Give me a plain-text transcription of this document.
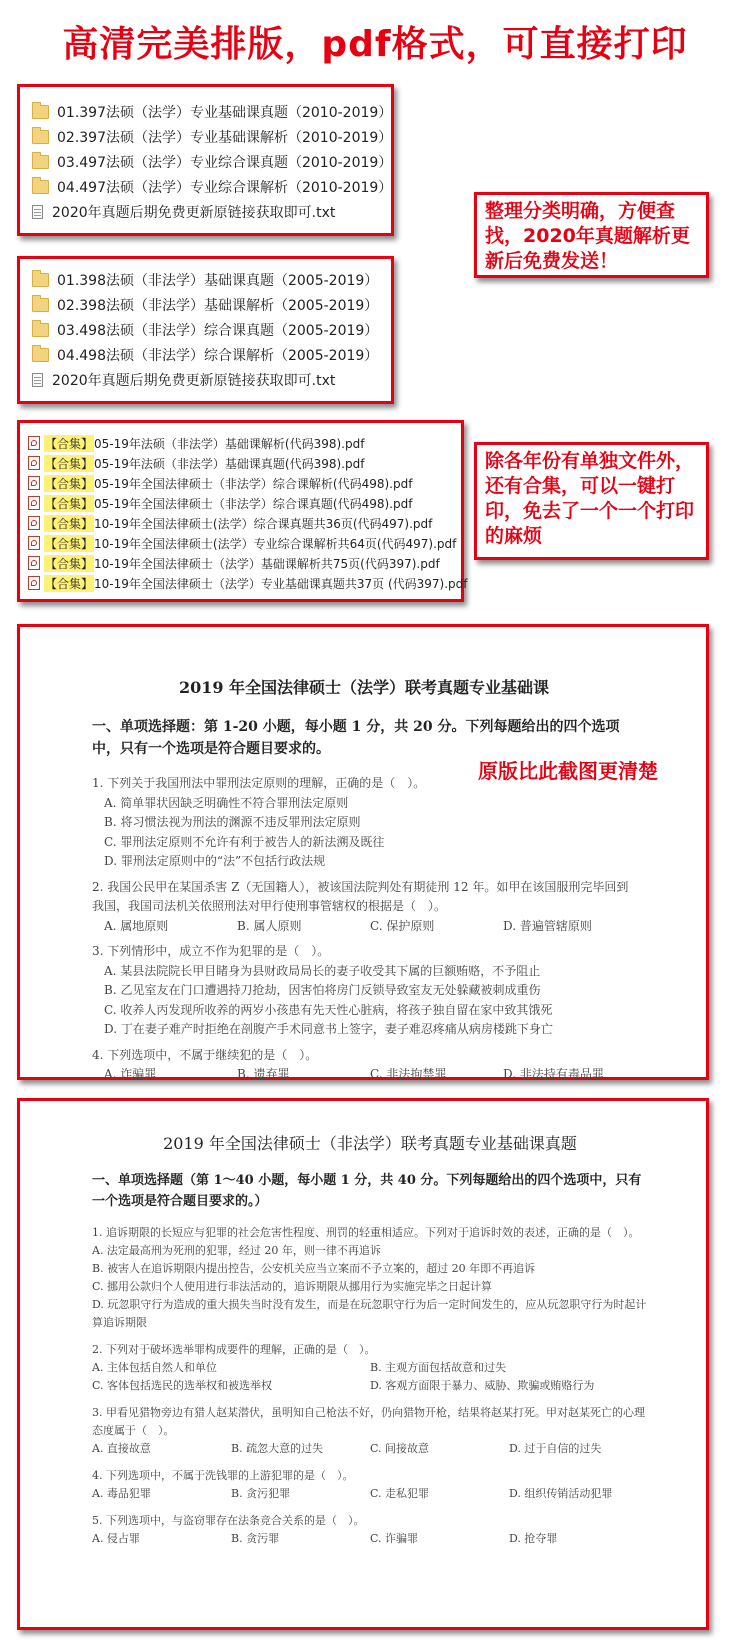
高清完美排版，pdf格式，可直接打印
01.397法硕（法学）专业基础课真题（2010-2019）
02.397法硕（法学）专业基础课解析（2010-2019）
03.497法硕（法学）专业综合课真题（2010-2019）
04.497法硕（法学）专业综合课解析（2010-2019）
2020年真题后期免费更新原链接获取即可.txt
01.398法硕（非法学）基础课真题（2005-2019）
02.398法硕（非法学）基础课解析（2005-2019）
03.498法硕（非法学）综合课真题（2005-2019）
04.498法硕（非法学）综合课解析（2005-2019）
2020年真题后期免费更新原链接获取即可.txt
整理分类明确，方便查找，2020年真题解析更新后免费发送！
【合集】 05-19年法硕（非法学）基础课解析(代码398).pdf
【合集】 05-19年法硕（非法学）基础课真题(代码398).pdf
【合集】 05-19年全国法律硕士（非法学）综合课解析(代码498).pdf
【合集】 05-19年全国法律硕士（非法学）综合课真题(代码498).pdf
【合集】 10-19年全国法律硕士(法学）综合课真题共36页(代码497).pdf
【合集】 10-19年全国法律硕士(法学）专业综合课解析共64页(代码497).pdf
【合集】 10-19年全国法律硕士（法学）基础课解析共75页(代码397).pdf
【合集】 10-19年全国法律硕士（法学）专业基础课真题共37页 (代码397).pdf
除各年份有单独文件外，还有合集，可以一键打印，免去了一个一个打印的麻烦
2019 年全国法律硕士（法学）联考真题专业基础课
一、单项选择题：第 1-20 小题，每小题 1 分，共 20 分。下列每题给出的四个选项中，只有一个选项是符合题目要求的。
1. 下列关于我国刑法中罪刑法定原则的理解，正确的是（　）。
A. 简单罪状因缺乏明确性不符合罪刑法定原则
B. 将习惯法视为刑法的渊源不违反罪刑法定原则
C. 罪刑法定原则不允许有利于被告人的新法溯及既往
D. 罪刑法定原则中的“法”不包括行政法规
2. 我国公民甲在某国杀害 Z（无国籍人），被该国法院判处有期徒刑 12 年。如甲在该国服刑完毕回到我国，我国司法机关依照刑法对甲行使刑事管辖权的根据是（　）。
A. 属地原则	B. 属人原则	C. 保护原则	D. 普遍管辖原则
3. 下列情形中，成立不作为犯罪的是（　）。
A. 某县法院院长甲目睹身为县财政局局长的妻子收受其下属的巨额贿赂，不予阻止
B. 乙见室友在门口遭遇持刀抢劫，因害怕将房门反锁导致室友无处躲藏被刺成重伤
C. 收养人丙发现所收养的两岁小孩患有先天性心脏病，将孩子独自留在家中致其饿死
D. 丁在妻子难产时拒绝在剖腹产手术同意书上签字，妻子难忍疼痛从病房楼跳下身亡
4. 下列选项中，不属于继续犯的是（　）。
A. 诈骗罪	B. 遗弃罪	C. 非法拘禁罪	D. 非法持有毒品罪
原版比此截图更清楚
2019 年全国法律硕士（非法学）联考真题专业基础课真题
一、单项选择题（第 1～40 小题，每小题 1 分，共 40 分。下列每题给出的四个选项中，只有一个选项是符合题目要求的。）
1. 追诉期限的长短应与犯罪的社会危害性程度、刑罚的轻重相适应。下列对于追诉时效的表述，正确的是（　）。
A. 法定最高刑为死刑的犯罪，经过 20 年，则一律不再追诉
B. 被害人在追诉期限内提出控告，公安机关应当立案而不予立案的，超过 20 年即不再追诉
C. 挪用公款归个人使用进行非法活动的，追诉期限从挪用行为实施完毕之日起计算
D. 玩忽职守行为造成的重大损失当时没有发生，而是在玩忽职守行为后一定时间发生的，应从玩忽职守行为时起计算追诉期限
2. 下列对于破坏选举罪构成要件的理解，正确的是（　）。
A. 主体包括自然人和单位	B. 主观方面包括故意和过失
C. 客体包括选民的选举权和被选举权	D. 客观方面限于暴力、威胁、欺骗或贿赂行为
3. 甲看见猎物旁边有猎人赵某潜伏，虽明知自己枪法不好，仍向猎物开枪，结果将赵某打死。甲对赵某死亡的心理态度属于（　）。
A. 直接故意	B. 疏忽大意的过失	C. 间接故意	D. 过于自信的过失
4. 下列选项中，不属于洗钱罪的上游犯罪的是（　）。
A. 毒品犯罪	B. 贪污犯罪	C. 走私犯罪	D. 组织传销活动犯罪
5. 下列选项中，与盗窃罪存在法条竞合关系的是（　）。
A. 侵占罪	B. 贪污罪	C. 诈骗罪	D. 抢夺罪
